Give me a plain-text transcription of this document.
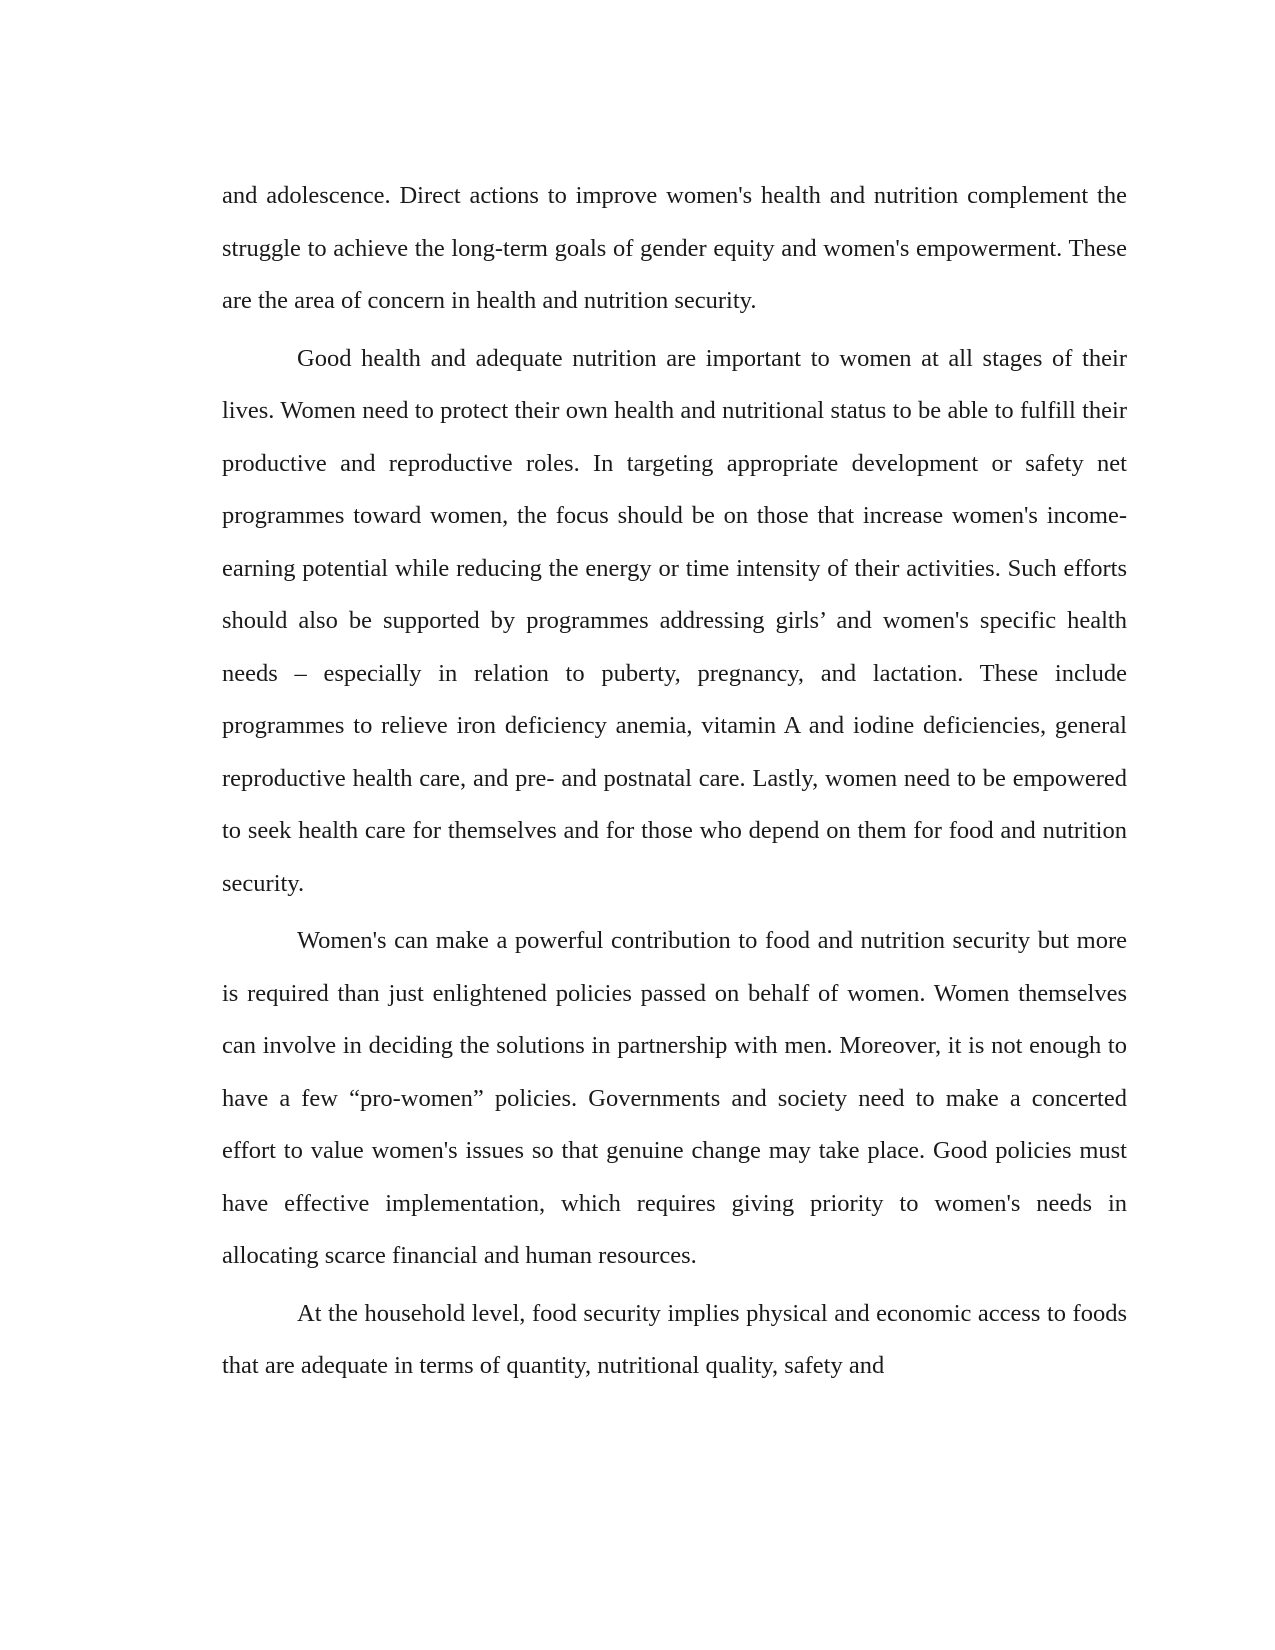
and adolescence. Direct actions to improve women's health and nutrition complement the struggle to achieve the long-term goals of gender equity and women's empowerment. These are the area of concern in health and nutrition security.

Good health and adequate nutrition are important to women at all stages of their lives. Women need to protect their own health and nutritional status to be able to fulfill their productive and reproductive roles. In targeting appropriate development or safety net programmes toward women, the focus should be on those that increase women's income-earning potential while reducing the energy or time intensity of their activities. Such efforts should also be supported by programmes addressing girls’ and women's specific health needs – especially in relation to puberty, pregnancy, and lactation. These include programmes to relieve iron deficiency anemia, vitamin A and iodine deficiencies, general reproductive health care, and pre- and postnatal care. Lastly, women need to be empowered to seek health care for themselves and for those who depend on them for food and nutrition security.

Women's can make a powerful contribution to food and nutrition security but more is required than just enlightened policies passed on behalf of women. Women themselves can involve in deciding the solutions in partnership with men. Moreover, it is not enough to have a few “pro-women” policies. Governments and society need to make a concerted effort to value women's issues so that genuine change may take place. Good policies must have effective implementation, which requires giving priority to women's needs in allocating scarce financial and human resources.

At the household level, food security implies physical and economic access to foods that are adequate in terms of quantity, nutritional quality, safety and
